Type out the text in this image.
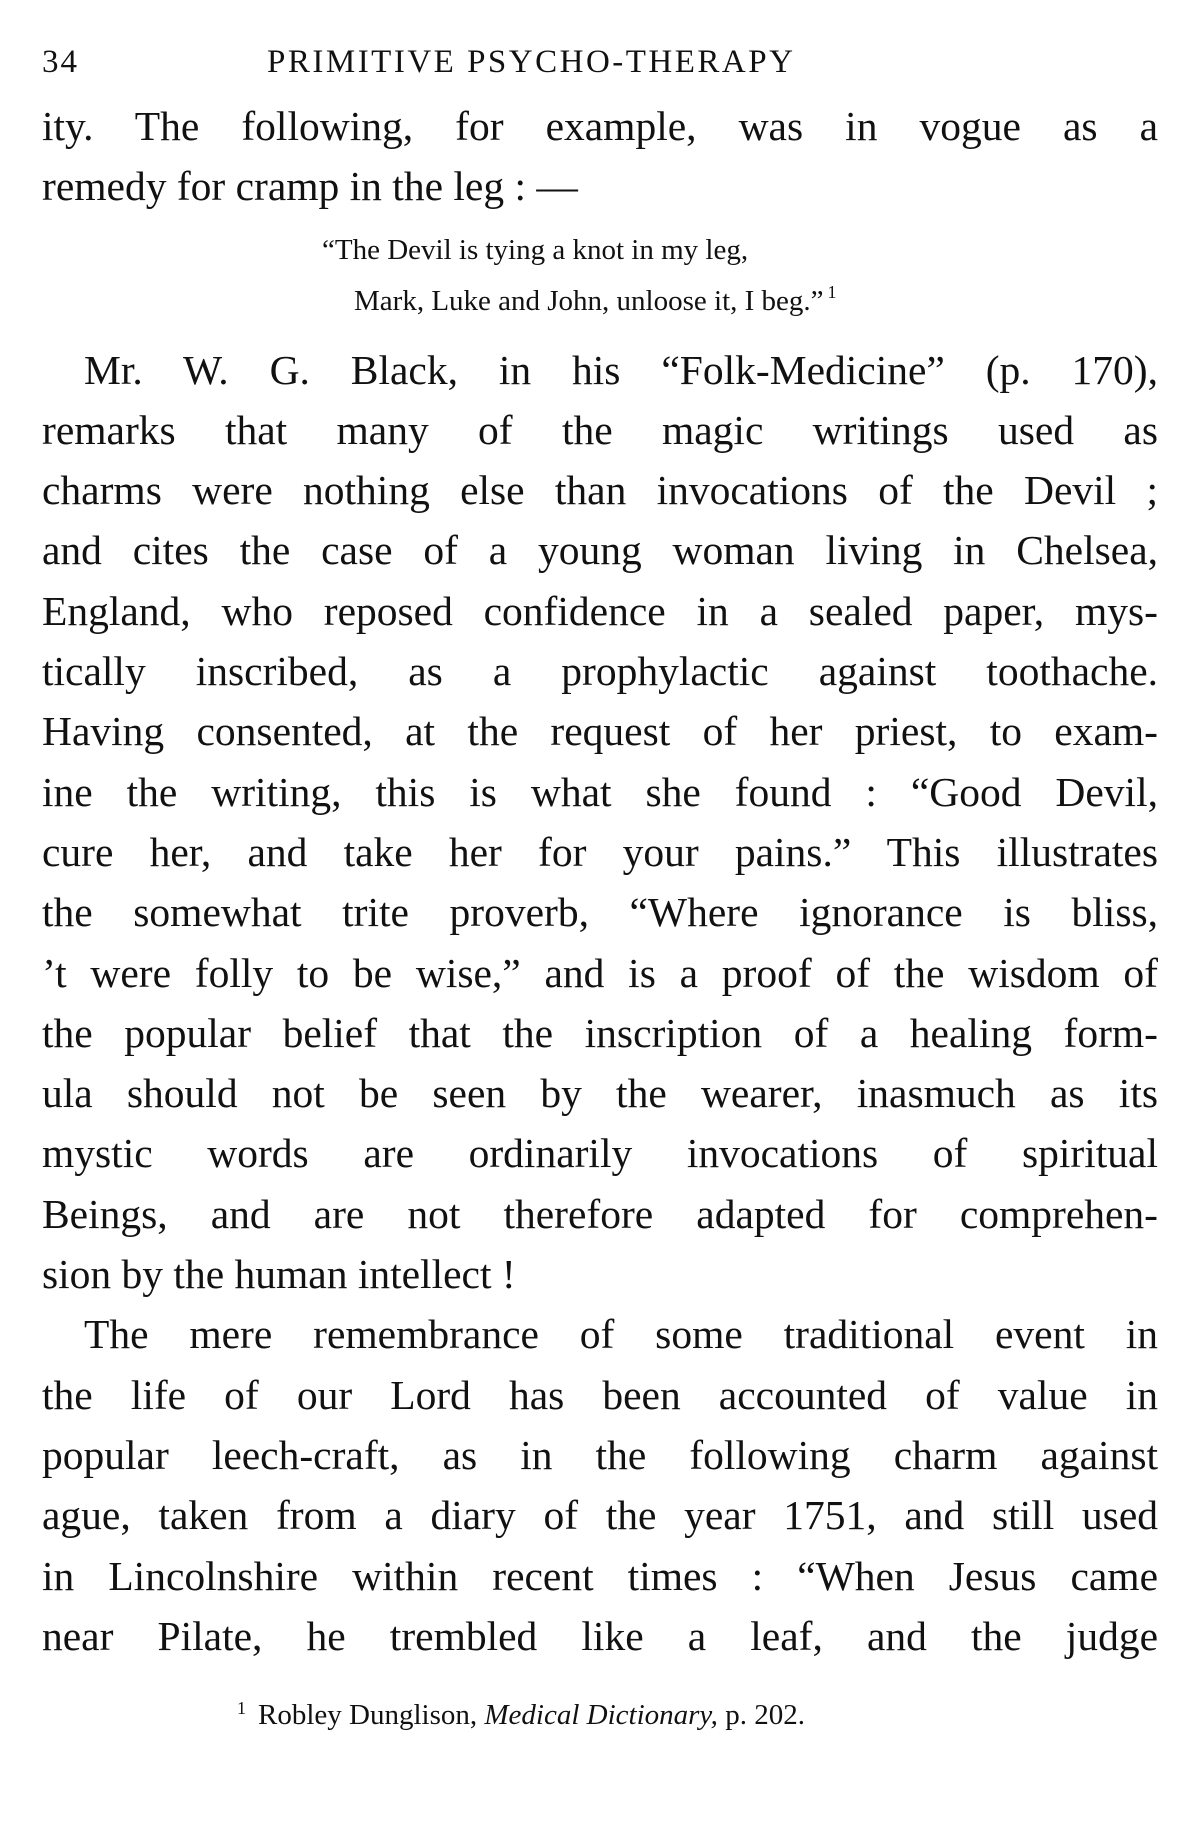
34	PRIMITIVE PSYCHO-THERAPY
ity. The following, for example, was in vogue as a
remedy for cramp in the leg : —
“The Devil is tying a knot in my leg,
Mark, Luke and John, unloose it, I beg.” $^1$
Mr. W. G. Black, in his “Folk-Medicine” (p. 170),
remarks that many of the magic writings used as
charms were nothing else than invocations of the Devil ;
and cites the case of a young woman living in Chelsea,
England, who reposed confidence in a sealed paper, mys-
tically inscribed, as a prophylactic against toothache.
Having consented, at the request of her priest, to exam-
ine the writing, this is what she found : “Good Devil,
cure her, and take her for your pains.” This illustrates
the somewhat trite proverb, “Where ignorance is bliss,
’t were folly to be wise,” and is a proof of the wisdom of
the popular belief that the inscription of a healing form-
ula should not be seen by the wearer, inasmuch as its
mystic words are ordinarily invocations of spiritual
Beings, and are not therefore adapted for comprehen-
sion by the human intellect !
The mere remembrance of some traditional event in
the life of our Lord has been accounted of value in
popular leech-craft, as in the following charm against
ague, taken from a diary of the year 1751, and still used
in Lincolnshire within recent times : “When Jesus came
near Pilate, he trembled like a leaf, and the judge
$^1$ Robley Dunglison, Medical Dictionary, p. 202.
